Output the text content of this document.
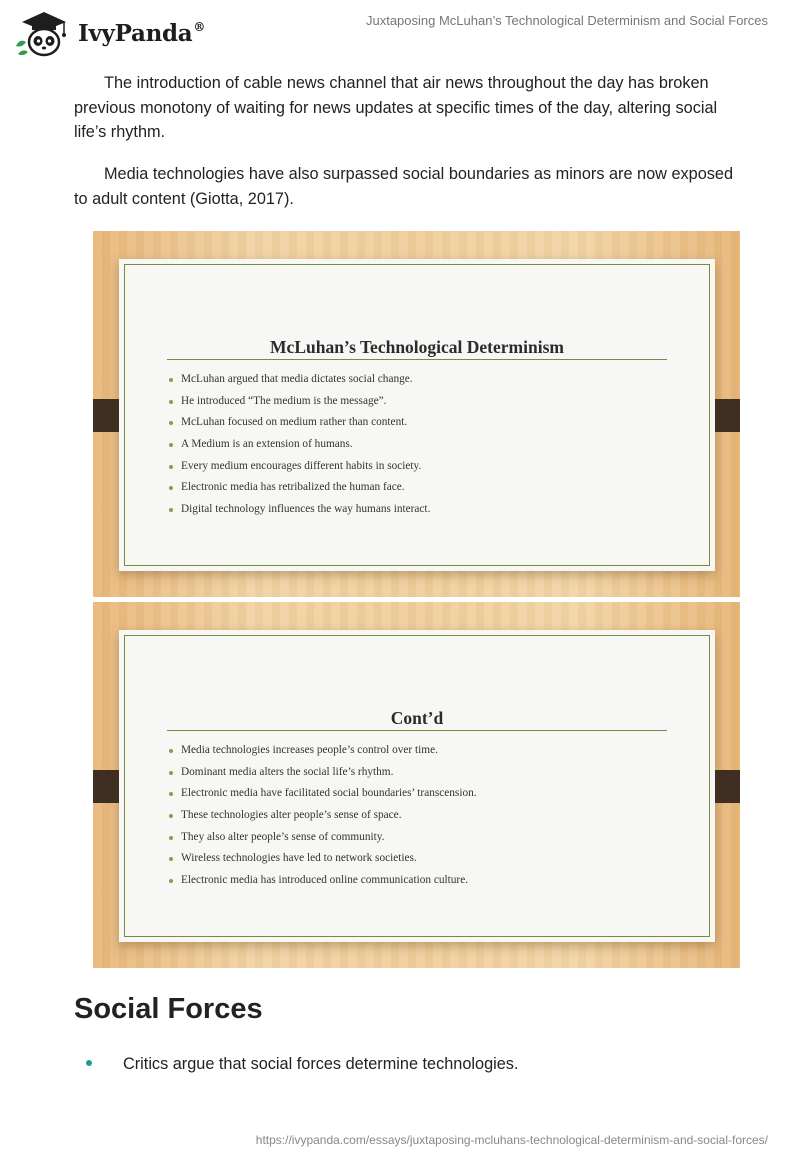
IvyPanda®	Juxtaposing McLuhan’s Technological Determinism and Social Forces

The introduction of cable news channel that air news throughout the day has broken previous monotony of waiting for news updates at specific times of the day, altering social life’s rhythm.

Media technologies have also surpassed social boundaries as minors are now exposed to adult content (Giotta, 2017).

McLuhan’s Technological Determinism
McLuhan argued that media dictates social change.
He introduced “The medium is the message”.
McLuhan focused on medium rather than content.
A Medium is an extension of humans.
Every medium encourages different habits in society.
Electronic media has retribalized the human face.
Digital technology influences the way humans interact.
Cont’d
Media technologies increases people’s control over time.
Dominant media alters the social life’s rhythm.
Electronic media have facilitated social boundaries’ transcension.
These technologies alter people’s sense of space.
They also alter people’s sense of community.
Wireless technologies have led to network societies.
Electronic media has introduced online communication culture.
Social Forces
Critics argue that social forces determine technologies.
https://ivypanda.com/essays/juxtaposing-mcluhans-technological-determinism-and-social-forces/
